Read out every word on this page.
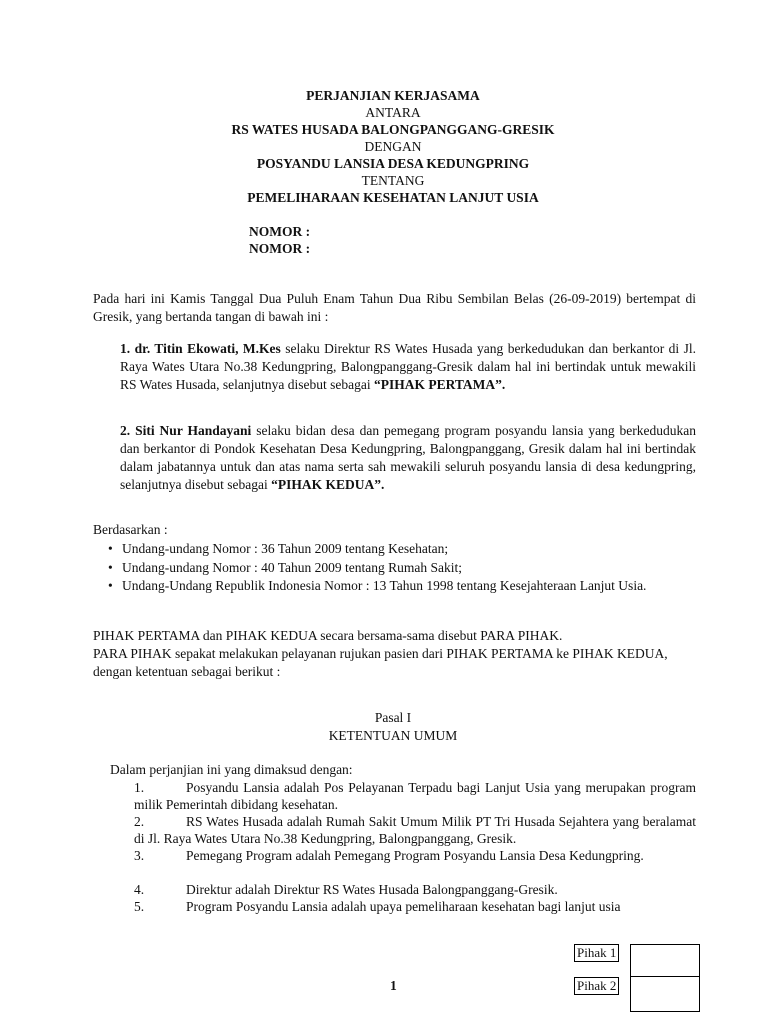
PERJANJIAN KERJASAMA
ANTARA
RS WATES HUSADA BALONGPANGGANG-GRESIK
DENGAN
POSYANDU LANSIA DESA KEDUNGPRING
TENTANG
PEMELIHARAAN KESEHATAN LANJUT USIA
NOMOR :
NOMOR :
Pada hari ini Kamis Tanggal Dua Puluh Enam Tahun Dua Ribu Sembilan Belas (26-09-2019) bertempat di Gresik, yang bertanda tangan di bawah ini :
1. dr. Titin Ekowati, M.Kes selaku Direktur RS Wates Husada yang berkedudukan dan berkantor di Jl. Raya Wates Utara No.38 Kedungpring, Balongpanggang-Gresik dalam hal ini bertindak untuk mewakili RS Wates Husada, selanjutnya disebut sebagai “PIHAK PERTAMA”.
2. Siti Nur Handayani selaku bidan desa dan pemegang program posyandu lansia yang berkedudukan dan berkantor di Pondok Kesehatan Desa Kedungpring, Balongpanggang, Gresik dalam hal ini bertindak dalam jabatannya untuk dan atas nama serta sah mewakili seluruh posyandu lansia di desa kedungpring, selanjutnya disebut sebagai “PIHAK KEDUA”.
Berdasarkan :
• Undang-undang Nomor : 36 Tahun 2009 tentang Kesehatan;
• Undang-undang Nomor : 40 Tahun 2009 tentang Rumah Sakit;
• Undang-Undang Republik Indonesia Nomor : 13 Tahun 1998 tentang Kesejahteraan Lanjut Usia.
PIHAK PERTAMA dan PIHAK KEDUA secara bersama-sama disebut PARA PIHAK.
PARA PIHAK sepakat melakukan pelayanan rujukan pasien dari PIHAK PERTAMA ke PIHAK KEDUA, dengan ketentuan sebagai berikut :
Pasal I
KETENTUAN UMUM
Dalam perjanjian ini yang dimaksud dengan:
1.	Posyandu Lansia adalah Pos Pelayanan Terpadu bagi Lanjut Usia yang merupakan program milik Pemerintah dibidang kesehatan.
2.	RS Wates Husada adalah Rumah Sakit Umum Milik PT Tri Husada Sejahtera yang beralamat di Jl. Raya Wates Utara No.38 Kedungpring, Balongpanggang, Gresik.
3.	Pemegang Program adalah Pemegang Program Posyandu Lansia Desa Kedungpring.
4.	Direktur adalah Direktur RS Wates Husada Balongpanggang-Gresik.
5.	Program Posyandu Lansia adalah upaya pemeliharaan kesehatan bagi lanjut usia
1
Pihak 1
Pihak 2
